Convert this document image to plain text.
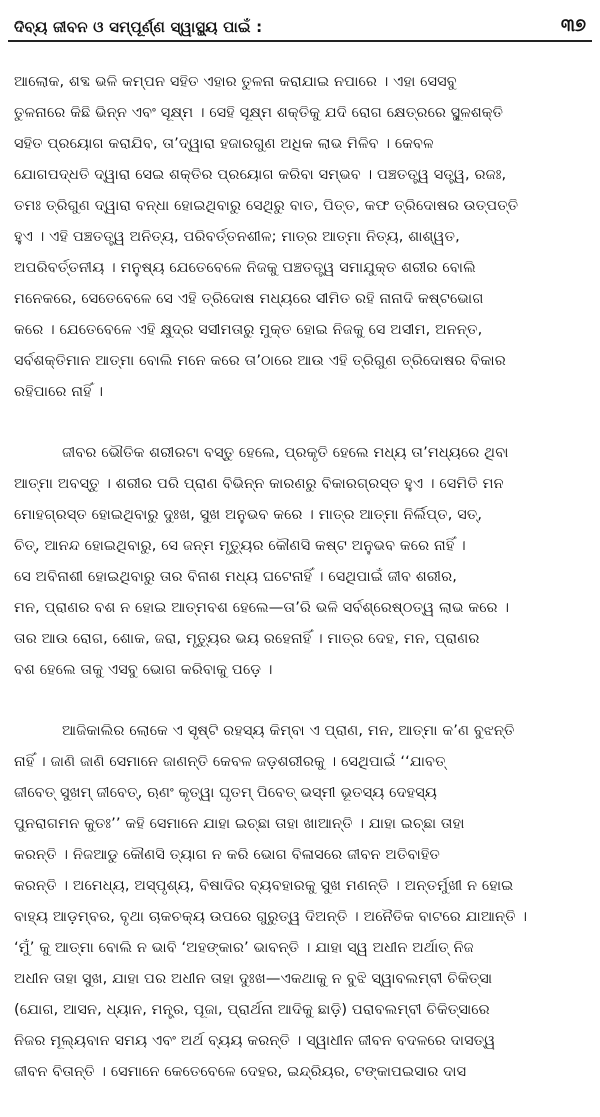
ଦିବ୍ୟ ଜୀବନ ଓ ସମ୍ପୂର୍ଣ୍ଣ ସ୍ୱାସ୍ଥ୍ୟ ପାଇଁ :	୩୭
ଆଲୋକ, ଶବ୍ଦ ଭଳି କମ୍ପନ ସହିତ ଏହାର ତୁଳନା କରାଯାଇ ନପାରେ । ଏହା ସେସବୁ
ତୁଳନାରେ କିଛି ଭିନ୍ନ ଏବଂ ସୂକ୍ଷ୍ମ । ସେହି ସୂକ୍ଷ୍ମ ଶକ୍ତିକୁ ଯଦି ରୋଗ କ୍ଷେତ୍ରରେ ସ୍ଥୂଳଶକ୍ତି
ସହିତ ପ୍ରୟୋଗ କରାଯିବ, ତା’ଦ୍ୱାରା ହଜାରଗୁଣ ଅଧିକ ଲାଭ ମିଳିବ । କେବଳ
ଯୋଗପଦ୍ଧତି ଦ୍ୱାରା ସେଇ ଶକ୍ତିର ପ୍ରୟୋଗ କରିବା ସମ୍ଭବ । ପଞ୍ଚତତ୍ତ୍ୱ ସତ୍ତ୍ୱ, ରଜଃ,
ତମଃ ତ୍ରିଗୁଣ ଦ୍ୱାରା ବନ୍ଧା ହୋଇଥିବାରୁ ସେଥିରୁ ବାତ, ପିତ୍ତ, କଫ ତ୍ରିଦୋଷର ଉତ୍ପତ୍ତି
ହୁଏ । ଏହି ପଞ୍ଚତତ୍ତ୍ୱ ଅନିତ୍ୟ, ପରିବର୍ତ୍ତନଶୀଳ; ମାତ୍ର ଆତ୍ମା ନିତ୍ୟ, ଶାଶ୍ୱତ,
ଅପରିବର୍ତ୍ତନୀୟ । ମନୁଷ୍ୟ ଯେତେବେଳେ ନିଜକୁ ପଞ୍ଚତତ୍ତ୍ୱ ସମାଯୁକ୍ତ ଶରୀର ବୋଲି
ମନେକରେ, ସେତେବେଳେ ସେ ଏହି ତ୍ରିଦୋଷ ମଧ୍ୟରେ ସୀମିତ ରହି ନାନାଦି କଷ୍ଟଭୋଗ
କରେ । ଯେତେବେଳେ ଏହି କ୍ଷୁଦ୍ର ସସୀମତାରୁ ମୁକ୍ତ ହୋଇ ନିଜକୁ ସେ ଅସୀମ, ଅନନ୍ତ,
ସର୍ବଶକ୍ତିମାନ ଆତ୍ମା ବୋଲି ମନେ କରେ ତା’ଠାରେ ଆଉ ଏହି ତ୍ରିଗୁଣ ତ୍ରିଦୋଷର ବିକାର
ରହିପାରେ ନାହିଁ ।
ଜୀବର ଭୌତିକ ଶରୀରଟା ବସ୍ତୁ ହେଲେ, ପ୍ରକୃତି ହେଲେ ମଧ୍ୟ ତା’ମଧ୍ୟରେ ଥିବା
ଆତ୍ମା ଅବସ୍ତୁ । ଶରୀର ପରି ପ୍ରାଣ ବିଭିନ୍ନ କାରଣରୁ ବିକାରଗ୍ରସ୍ତ ହୁଏ । ସେମିତି ମନ
ମୋହଗ୍ରସ୍ତ ହୋଇଥିବାରୁ ଦୁଃଖ, ସୁଖ ଅନୁଭବ କରେ । ମାତ୍ର ଆତ୍ମା ନିର୍ଲିପ୍ତ, ସତ୍,
ଚିତ୍, ଆନନ୍ଦ ହୋଇଥିବାରୁ, ସେ ଜନ୍ମ ମୃତ୍ୟୁର କୌଣସି କଷ୍ଟ ଅନୁଭବ କରେ ନାହିଁ ।
ସେ ଅବିନାଶୀ ହୋଇଥିବାରୁ ତାର ବିନାଶ ମଧ୍ୟ ଘଟେନାହିଁ । ସେଥିପାଇଁ ଜୀବ ଶରୀର,
ମନ, ପ୍ରାଣର ବଶ ନ ହୋଇ ଆତ୍ମବଶ ହେଲେ—ତା’ରି ଭଳି ସର୍ବଶ୍ରେଷ୍ଠତ୍ୱ ଲାଭ କରେ ।
ତାର ଆଉ ରୋଗ, ଶୋକ, ଜରା, ମୃତ୍ୟୁର ଭୟ ରହେନାହିଁ । ମାତ୍ର ଦେହ, ମନ, ପ୍ରାଣର
ବଶ ହେଲେ ତାକୁ ଏସବୁ ଭୋଗ କରିବାକୁ ପଡ଼େ ।
ଆଜିକାଲିର ଲୋକେ ଏ ସୃଷ୍ଟି ରହସ୍ୟ କିମ୍ବା ଏ ପ୍ରାଣ, ମନ, ଆତ୍ମା କ’ଣ ବୁଝନ୍ତି
ନାହିଁ । ଜାଣି ଜାଣି ସେମାନେ ଜାଣନ୍ତି କେବଳ ଜଡ଼ଶରୀରକୁ । ସେଥିପାଇଁ ‘‘ଯାବତ୍
ଜୀବେତ୍ ସୁଖମ୍ ଜୀବେତ୍, ଋଣଂ କୃତ୍ୱା ଘୃତମ୍ ପିବେତ୍ ଭସ୍ମୀ ଭୂତସ୍ୟ ଦେହସ୍ୟ
ପୁନରାଗମନ କୁତଃ’’ କହି ସେମାନେ ଯାହା ଇଚ୍ଛା ତାହା ଖାଆନ୍ତି । ଯାହା ଇଚ୍ଛା ତାହା
କରନ୍ତି । ନିଜଆଡୁ କୌଣସି ତ୍ୟାଗ ନ କରି ଭୋଗ ବିଳାସରେ ଜୀବନ ଅତିବାହିତ
କରନ୍ତି । ଅମେଧ୍ୟ, ଅସ୍ପୃଶ୍ୟ, ବିଷାଦିର ବ୍ୟବହାରକୁ ସୁଖ ମଣନ୍ତି । ଅନ୍ତର୍ମୁଖୀ ନ ହୋଇ
ବାହ୍ୟ ଆଡ଼ମ୍ବର, ବୃଥା ଚାକଚକ୍ୟ ଉପରେ ଗୁରୁତ୍ୱ ଦିଅନ୍ତି । ଅନୈତିକ ବାଟରେ ଯାଆନ୍ତି ।
‘ମୁଁ’ କୁ ଆତ୍ମା ବୋଲି ନ ଭାବି ‘ଅହଙ୍କାର’ ଭାବନ୍ତି । ଯାହା ସ୍ୱ ଅଧୀନ ଅର୍ଥାତ୍ ନିଜ
ଅଧୀନ ତାହା ସୁଖ, ଯାହା ପର ଅଧୀନ ତାହା ଦୁଃଖ—ଏକଥାକୁ ନ ବୁଝି ସ୍ୱାବଲମ୍ବୀ ଚିକିତ୍ସା
(ଯୋଗ, ଆସନ, ଧ୍ୟାନ, ମନ୍ତ୍ର, ପୂଜା, ପ୍ରାର୍ଥନା ଆଦିକୁ ଛାଡ଼ି) ପରାବଲମ୍ବୀ ଚିକିତ୍ସାରେ
ନିଜର ମୂଲ୍ୟବାନ ସମୟ ଏବଂ ଅର୍ଥ ବ୍ୟୟ କରନ୍ତି । ସ୍ୱାଧୀନ ଜୀବନ ବଦଳରେ ଦାସତ୍ୱ
ଜୀବନ ବିତାନ୍ତି । ସେମାନେ କେତେବେଳେ ଦେହର, ଇନ୍ଦ୍ରିୟର, ଟଙ୍କାପଇସାର ଦାସ
